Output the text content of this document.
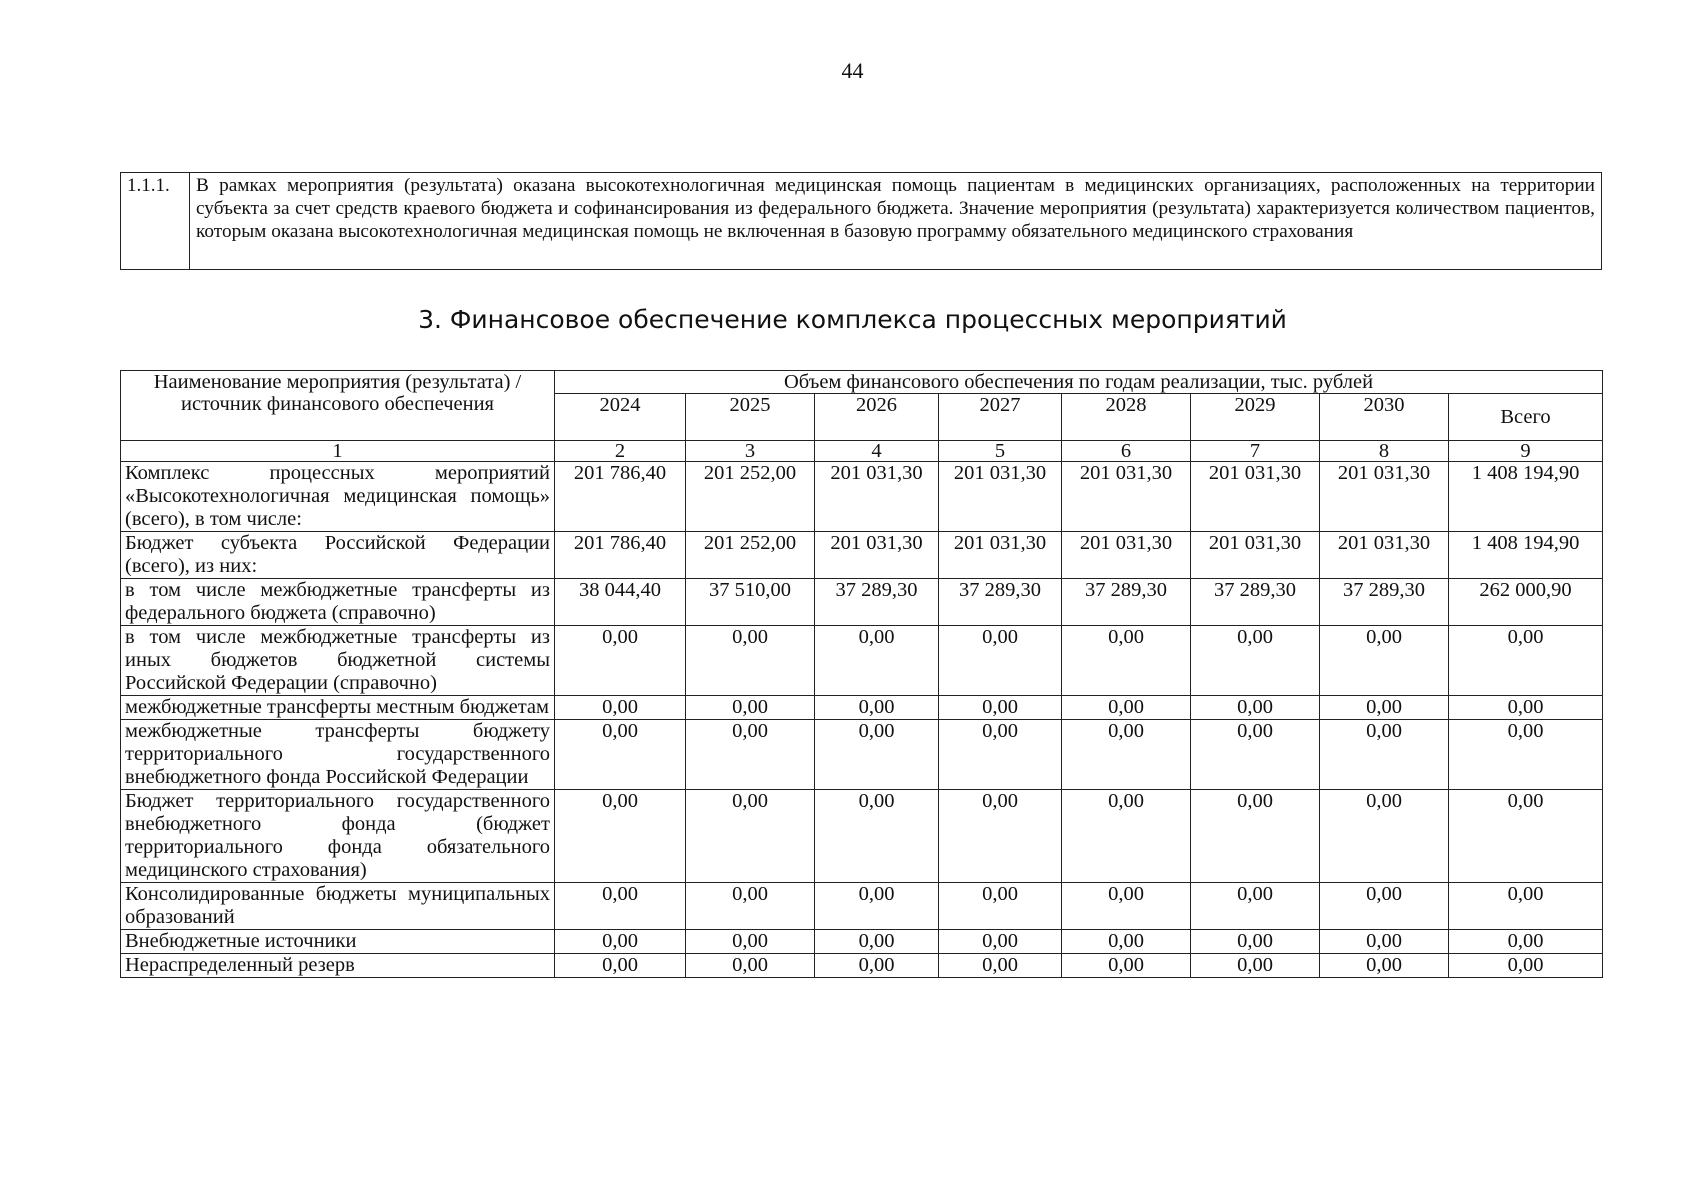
44
1.1.1.	В рамках мероприятия (результата) оказана высокотехнологичная медицинская помощь пациентам в медицинских организациях, расположенных на территории субъекта за счет средств краевого бюджета и софинансирования из федерального бюджета. Значение мероприятия (результата) характеризуется количеством пациентов, которым оказана высокотехнологичная медицинская помощь не включенная в базовую программу обязательного медицинского страхования
3. Финансовое обеспечение комплекса процессных мероприятий
Наименование мероприятия (результата) / источник финансового обеспечения	Объем финансового обеспечения по годам реализации, тыс. рублей							
	2024	2025	2026	2027	2028	2029	2030	Всего
1	2	3	4	5	6	7	8	9
Комплекс процессных мероприятий «Высокотехнологичная медицинская помощь» (всего), в том числе:	201 786,40	201 252,00	201 031,30	201 031,30	201 031,30	201 031,30	201 031,30	1 408 194,90
Бюджет субъекта Российской Федерации (всего), из них:	201 786,40	201 252,00	201 031,30	201 031,30	201 031,30	201 031,30	201 031,30	1 408 194,90
в том числе межбюджетные трансферты из федерального бюджета (справочно)	38 044,40	37 510,00	37 289,30	37 289,30	37 289,30	37 289,30	37 289,30	262 000,90
в том числе межбюджетные трансферты из иных бюджетов бюджетной системы Российской Федерации (справочно)	0,00	0,00	0,00	0,00	0,00	0,00	0,00	0,00
межбюджетные трансферты местным бюджетам	0,00	0,00	0,00	0,00	0,00	0,00	0,00	0,00
межбюджетные трансферты бюджету территориального государственного внебюджетного фонда Российской Федерации	0,00	0,00	0,00	0,00	0,00	0,00	0,00	0,00
Бюджет территориального государственного внебюджетного фонда (бюджет территориального фонда обязательного медицинского страхования)	0,00	0,00	0,00	0,00	0,00	0,00	0,00	0,00
Консолидированные бюджеты муниципальных образований	0,00	0,00	0,00	0,00	0,00	0,00	0,00	0,00
Внебюджетные источники	0,00	0,00	0,00	0,00	0,00	0,00	0,00	0,00
Нераспределенный резерв	0,00	0,00	0,00	0,00	0,00	0,00	0,00	0,00
